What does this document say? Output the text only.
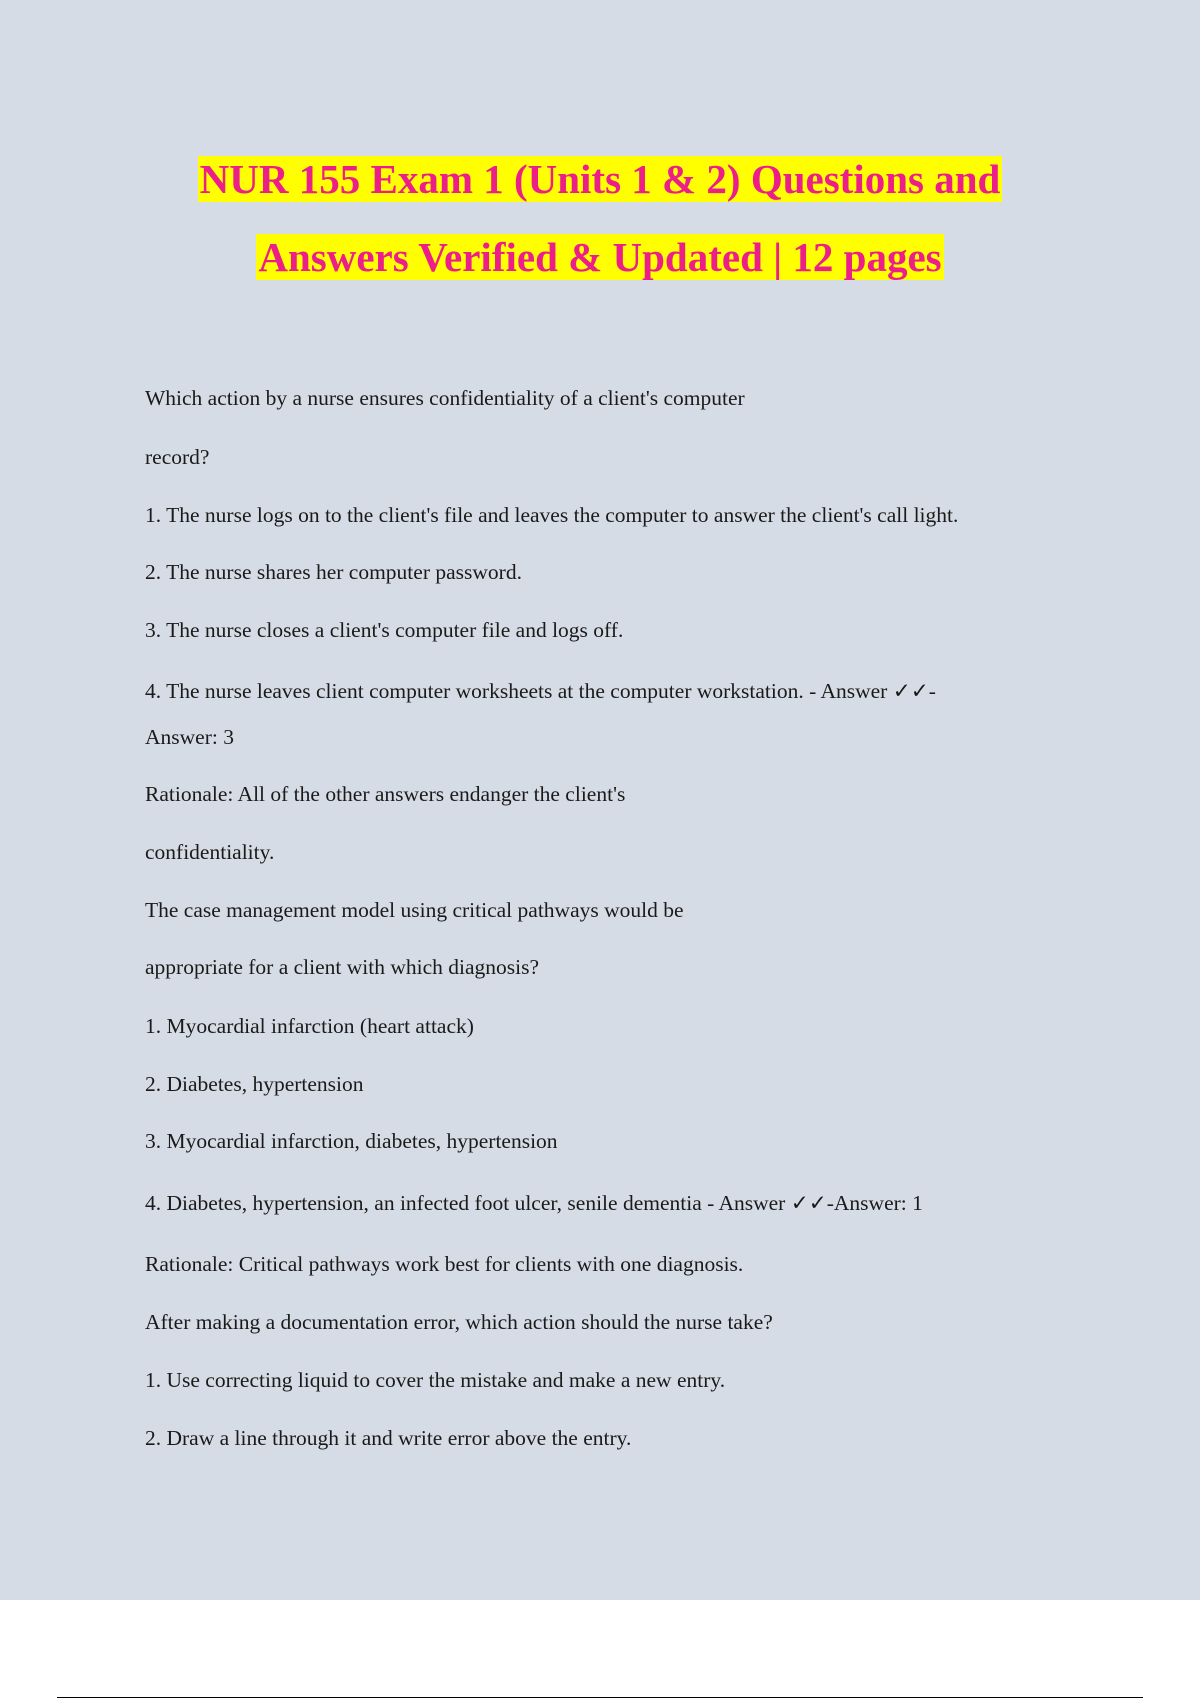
NUR 155 Exam 1 (Units 1 & 2) Questions and
Answers Verified & Updated | 12 pages
Which action by a nurse ensures confidentiality of a client's computer
record?
1. The nurse logs on to the client's file and leaves the computer to answer the client's call light.
2. The nurse shares her computer password.
3. The nurse closes a client's computer file and logs off.
4. The nurse leaves client computer worksheets at the computer workstation. - Answer ✓✓-
Answer: 3
Rationale: All of the other answers endanger the client's
confidentiality.
The case management model using critical pathways would be
appropriate for a client with which diagnosis?
1. Myocardial infarction (heart attack)
2. Diabetes, hypertension
3. Myocardial infarction, diabetes, hypertension
4. Diabetes, hypertension, an infected foot ulcer, senile dementia - Answer ✓✓-Answer: 1
Rationale: Critical pathways work best for clients with one diagnosis.
After making a documentation error, which action should the nurse take?
1. Use correcting liquid to cover the mistake and make a new entry.
2. Draw a line through it and write error above the entry.
